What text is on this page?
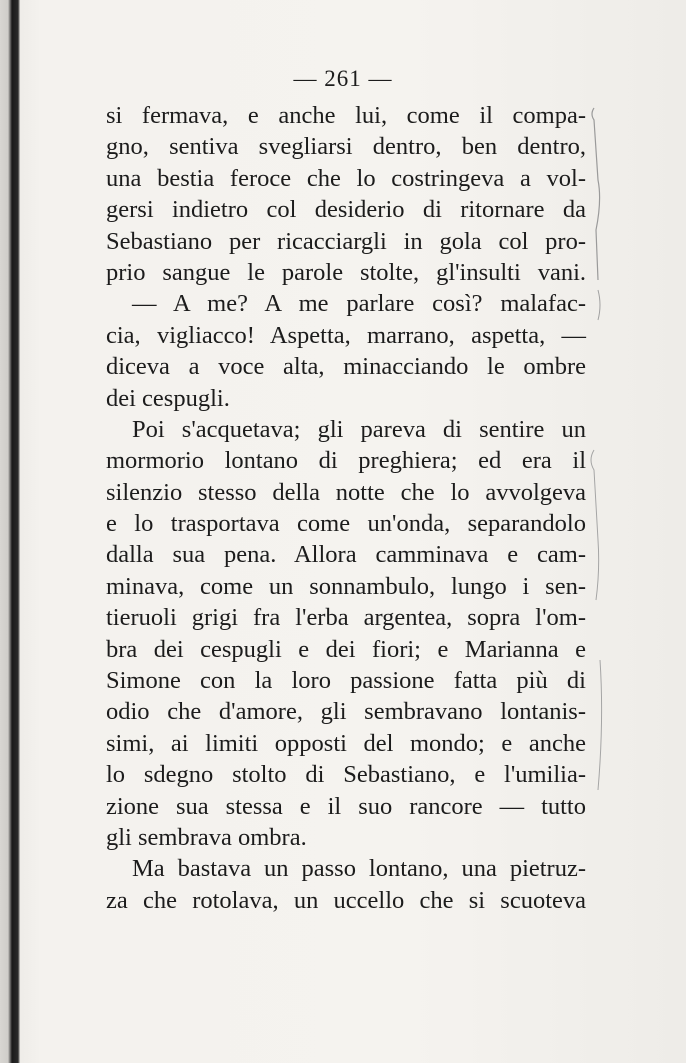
— 261 —
si fermava, e anche lui, come il compa-
gno, sentiva svegliarsi dentro, ben dentro,
una bestia feroce che lo costringeva a vol-
gersi indietro col desiderio di ritornare da
Sebastiano per ricacciargli in gola col pro-
prio sangue le parole stolte, gl'insulti vani.
— A me? A me parlare così? malafac-
cia, vigliacco! Aspetta, marrano, aspetta, —
diceva a voce alta, minacciando le ombre
dei cespugli.
Poi s'acquetava; gli pareva di sentire un
mormorio lontano di preghiera; ed era il
silenzio stesso della notte che lo avvolgeva
e lo trasportava come un'onda, separandolo
dalla sua pena. Allora camminava e cam-
minava, come un sonnambulo, lungo i sen-
tieruoli grigi fra l'erba argentea, sopra l'om-
bra dei cespugli e dei fiori; e Marianna e
Simone con la loro passione fatta più di
odio che d'amore, gli sembravano lontanis-
simi, ai limiti opposti del mondo; e anche
lo sdegno stolto di Sebastiano, e l'umilia-
zione sua stessa e il suo rancore — tutto
gli sembrava ombra.
Ma bastava un passo lontano, una pietruz-
za che rotolava, un uccello che si scuoteva
